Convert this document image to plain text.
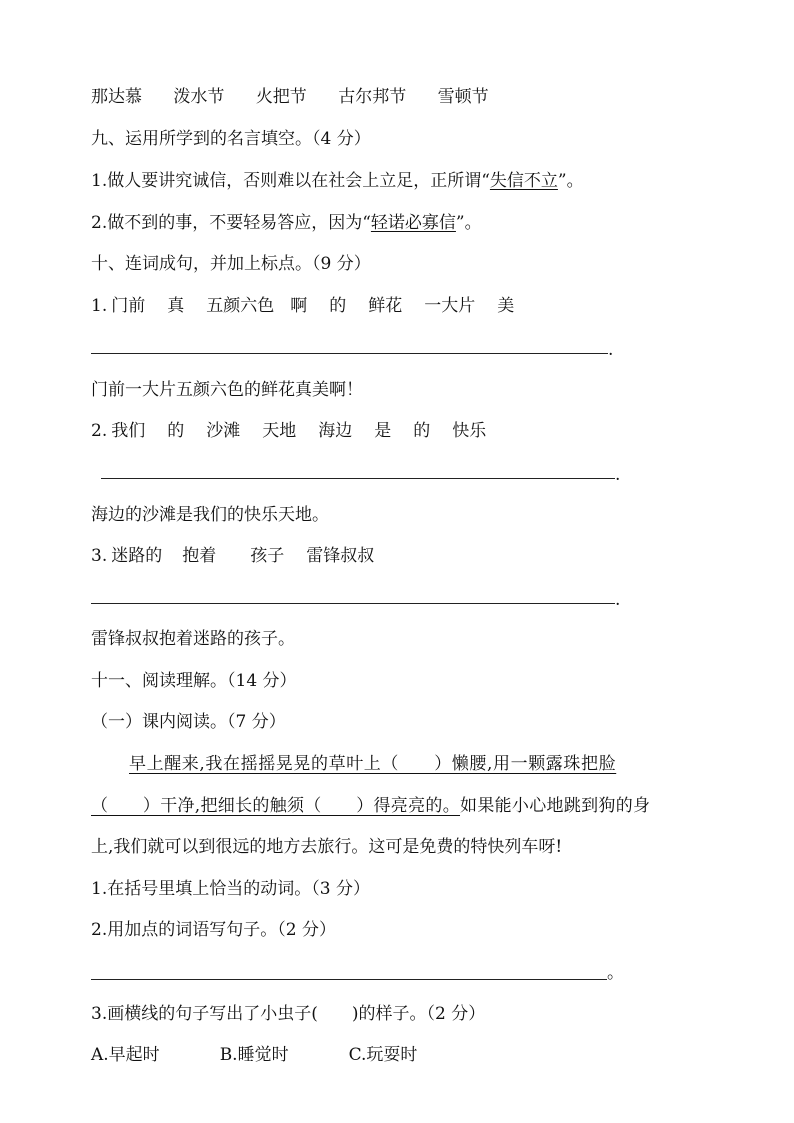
那达慕 泼水节 火把节 古尔邦节 雪顿节
九、运用所学到的名言填空。（4 分）
1.做人要讲究诚信，否则难以在社会上立足，正所谓“失信不立”。
2.做不到的事，不要轻易答应，因为“轻诺必寡信”。
十、连词成句，并加上标点。（9 分）
1. 门前 真 五颜六色 啊 的 鲜花 一大片 美
.
门前一大片五颜六色的鲜花真美啊！
2. 我们 的 沙滩 天地 海边 是 的 快乐
.
海边的沙滩是我们的快乐天地。
3. 迷路的 抱着 孩子 雷锋叔叔
.
雷锋叔叔抱着迷路的孩子。
十一、阅读理解。（14 分）
（一）课内阅读。（7 分）
早上醒来,我在摇摇晃晃的草叶上（　　）懒腰,用一颗露珠把脸
（　　）干净,把细长的触须（　　）得亮亮的。如果能小心地跳到狗的身
上,我们就可以到很远的地方去旅行。这可是免费的特快列车呀!
1.在括号里填上恰当的动词。（3 分）
2.用加点的词语写句子。（2 分）
。
3.画横线的句子写出了小虫子(　　)的样子。（2 分）
A.早起时	B.睡觉时	C.玩耍时
